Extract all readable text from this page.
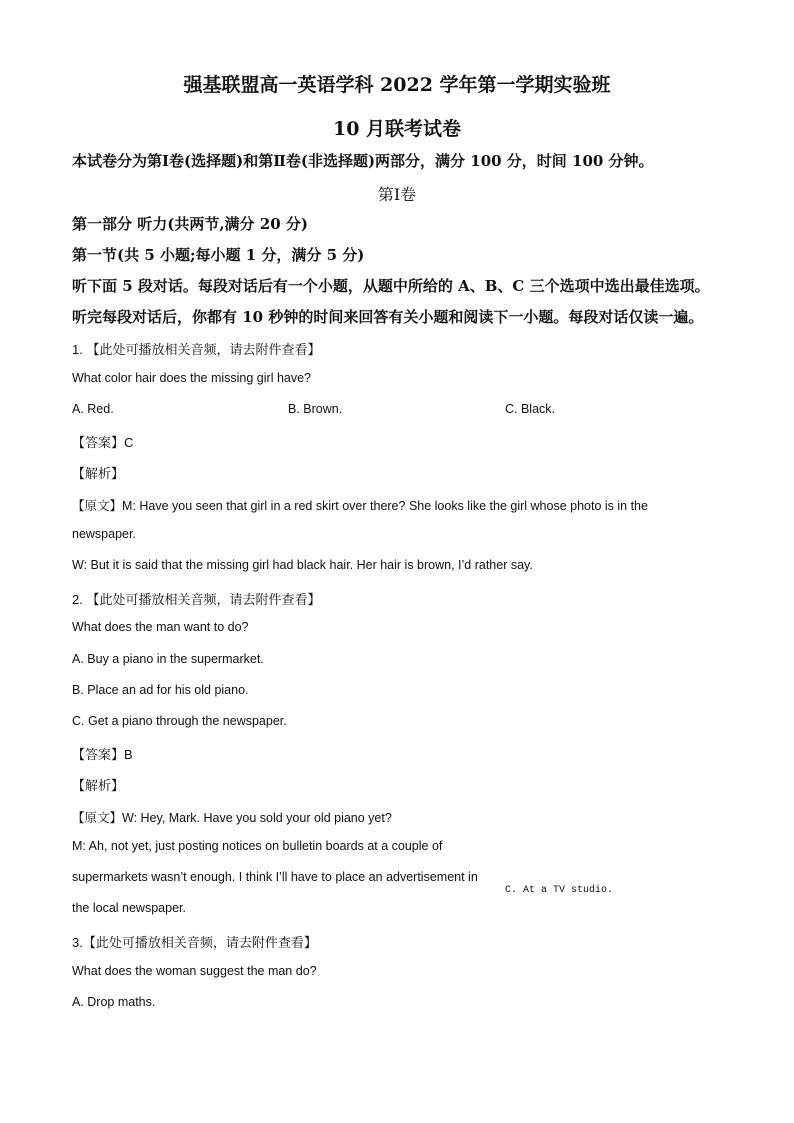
强基联盟高一英语学科 2022 学年第一学期实验班
10 月联考试卷
本试卷分为第Ⅰ卷(选择题)和第Ⅱ卷(非选择题)两部分，满分 100 分，时间 100 分钟。
第Ⅰ卷
第一部分 听力(共两节,满分 20 分)
第一节(共 5 小题;每小题 1 分，满分 5 分)
听下面 5 段对话。每段对话后有一个小题，从题中所给的 A、B、C 三个选项中选出最佳选项。
听完每段对话后，你都有 10 秒钟的时间来回答有关小题和阅读下一小题。每段对话仅读一遍。
1. 【此处可播放相关音频，请去附件查看】
What color hair does the missing girl have?
A. Red.	B. Brown.	C. Black.
【答案】C
【解析】
【原文】M: Have you seen that girl in a red skirt over there? She looks like the girl whose photo is in the
newspaper.
W: But it is said that the missing girl had black hair. Her hair is brown, I’d rather say.
2. 【此处可播放相关音频，请去附件查看】
What does the man want to do?
A. Buy a piano in the supermarket.
B. Place an ad for his old piano.
C. Get a piano through the newspaper.
【答案】B
【解析】
【原文】W: Hey, Mark. Have you sold your old piano yet?
M: Ah, not yet, just posting notices on bulletin boards at a couple of
supermarkets wasn’t enough. I think I’ll have to place an advertisement in
the local newspaper.
C. At a TV studio.
3.【此处可播放相关音频，请去附件查看】
What does the woman suggest the man do?
A. Drop maths.
